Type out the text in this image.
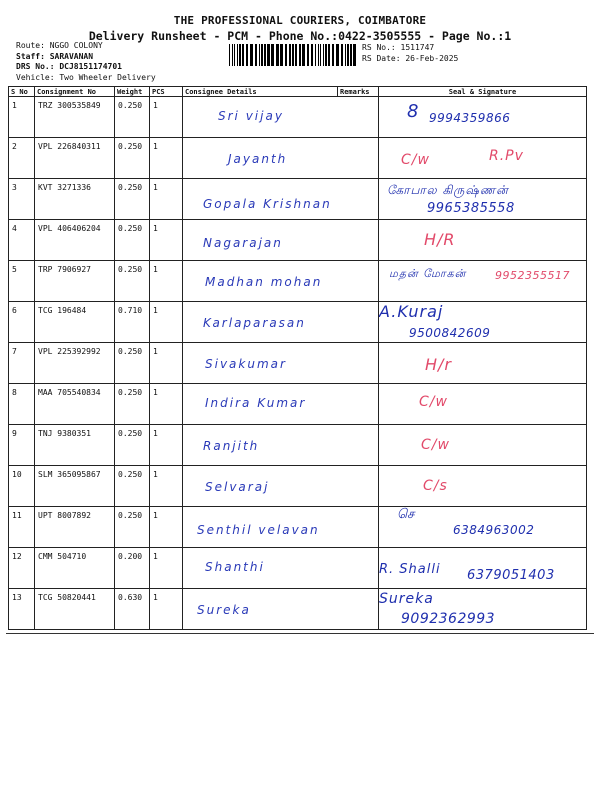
THE PROFESSIONAL COURIERS, COIMBATORE
Delivery Runsheet - PCM - Phone No.:0422-3505555 - Page No.:1
Route: NGGO COLONY
Staff: SARAVANAN
DRS No.: DCJ8151174701
Vehicle: Two Wheeler Delivery
RS No.: 1511747
RS Date: 26-Feb-2025
S No	Consignment No	Weight	PCS	Consignee Details	Remarks	Seal & Signature
1	TRZ 300535849	0.250	1	Sri vijay		8 9994359866

2	VPL 226840311	0.250	1	Jayanth		C/w R.Pv

3	KVT 3271336	0.250	1	Gopala Krishnan		கோபால கிருஷ்ணன்
9965385558

4	VPL 406406204	0.250	1	Nagarajan		H/R

5	TRP 7906927	0.250	1	Madhan mohan		மதன் மோகன் 9952355517

6	TCG 196484	0.710	1	Karlaparasan		A.Kuraj
9500842609

7	VPL 225392992	0.250	1	Sivakumar		H/r

8	MAA 705540834	0.250	1	Indira Kumar		C/w

9	TNJ 9380351	0.250	1	Ranjith		C/w

10	SLM 365095867	0.250	1	Selvaraj		C/s

11	UPT 8007892	0.250	1	Senthil velavan		செ
6384963002

12	CMM 504710	0.200	1	Shanthi		R. Shalli 6379051403

13	TCG 50820441	0.630	1	Sureka		Sureka
9092362993
